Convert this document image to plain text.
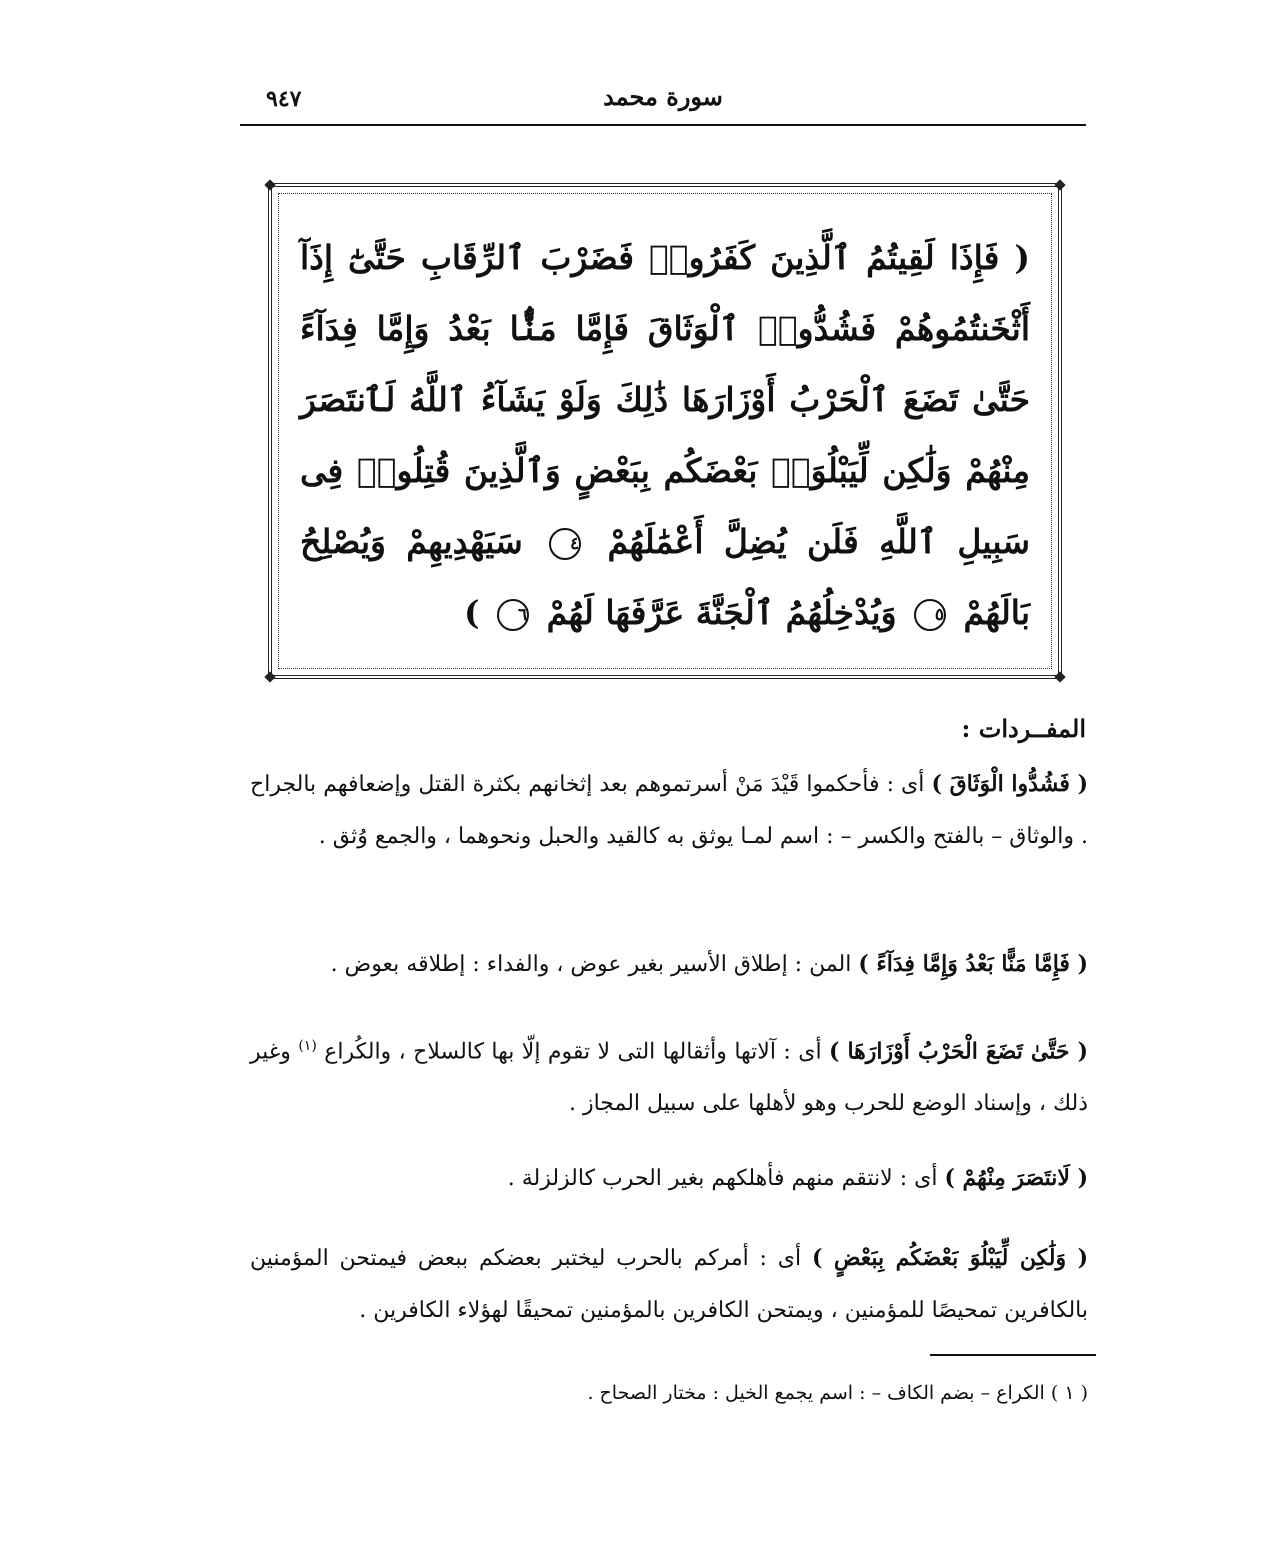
سورة محمد
٩٤٧
( فَإِذَا لَقِيتُمُ ٱلَّذِينَ كَفَرُوا۟ فَضَرْبَ ٱلرِّقَابِ حَتَّىٰٓ إِذَآ أَثْخَنتُمُوهُمْ فَشُدُّوا۟ ٱلْوَثَاقَ فَإِمَّا مَنًّۢا بَعْدُ وَإِمَّا فِدَآءً حَتَّىٰ تَضَعَ ٱلْحَرْبُ أَوْزَارَهَا ذَٰلِكَ وَلَوْ يَشَآءُ ٱللَّهُ لَٱنتَصَرَ مِنْهُمْ وَلَٰكِن لِّيَبْلُوَا۟ بَعْضَكُم بِبَعْضٍ وَٱلَّذِينَ قُتِلُوا۟ فِى سَبِيلِ ٱللَّهِ فَلَن يُضِلَّ أَعْمَٰلَهُمْ ٤ سَيَهْدِيهِمْ وَيُصْلِحُ بَالَهُمْ ٥ وَيُدْخِلُهُمُ ٱلْجَنَّةَ عَرَّفَهَا لَهُمْ ٦ )
المفــردات :
( فَشُدُّوا الْوَثَاقَ ) أى : فأحكموا قَيْدَ مَنْ أسرتموهم بعد إثخانهم بكثرة القتل وإضعافهم بالجراح . والوثاق – بالفتح والكسر – : اسم لمـا يوثق به كالقيد والحبل ونحوهما ، والجمع وُثق .
( فَإِمَّا مَنًّا بَعْدُ وَإِمَّا فِدَآءً ) المن : إطلاق الأسير بغير عوض ، والفداء : إطلاقه بعوض .
( حَتَّىٰ تَضَعَ الْحَرْبُ أَوْزَارَهَا ) أى : آلاتها وأثقالها التى لا تقوم إلّا بها كالسلاح ، والكُراع $^{(١)}$ وغير ذلك ، وإسناد الوضع للحرب وهو لأهلها على سبيل المجاز .
( لَانتَصَرَ مِنْهُمْ ) أى : لانتقم منهم فأهلكهم بغير الحرب كالزلزلة .
( وَلَٰكِن لِّيَبْلُوَ بَعْضَكُم بِبَعْضٍ ) أى : أمركم بالحرب ليختبر بعضكم ببعض فيمتحن المؤمنين بالكافرين تمحيصًا للمؤمنين ، ويمتحن الكافرين بالمؤمنين تمحيقًا لهؤلاء الكافرين .
( ١ ) الكراع – بضم الكاف – : اسم يجمع الخيل : مختار الصحاح .
